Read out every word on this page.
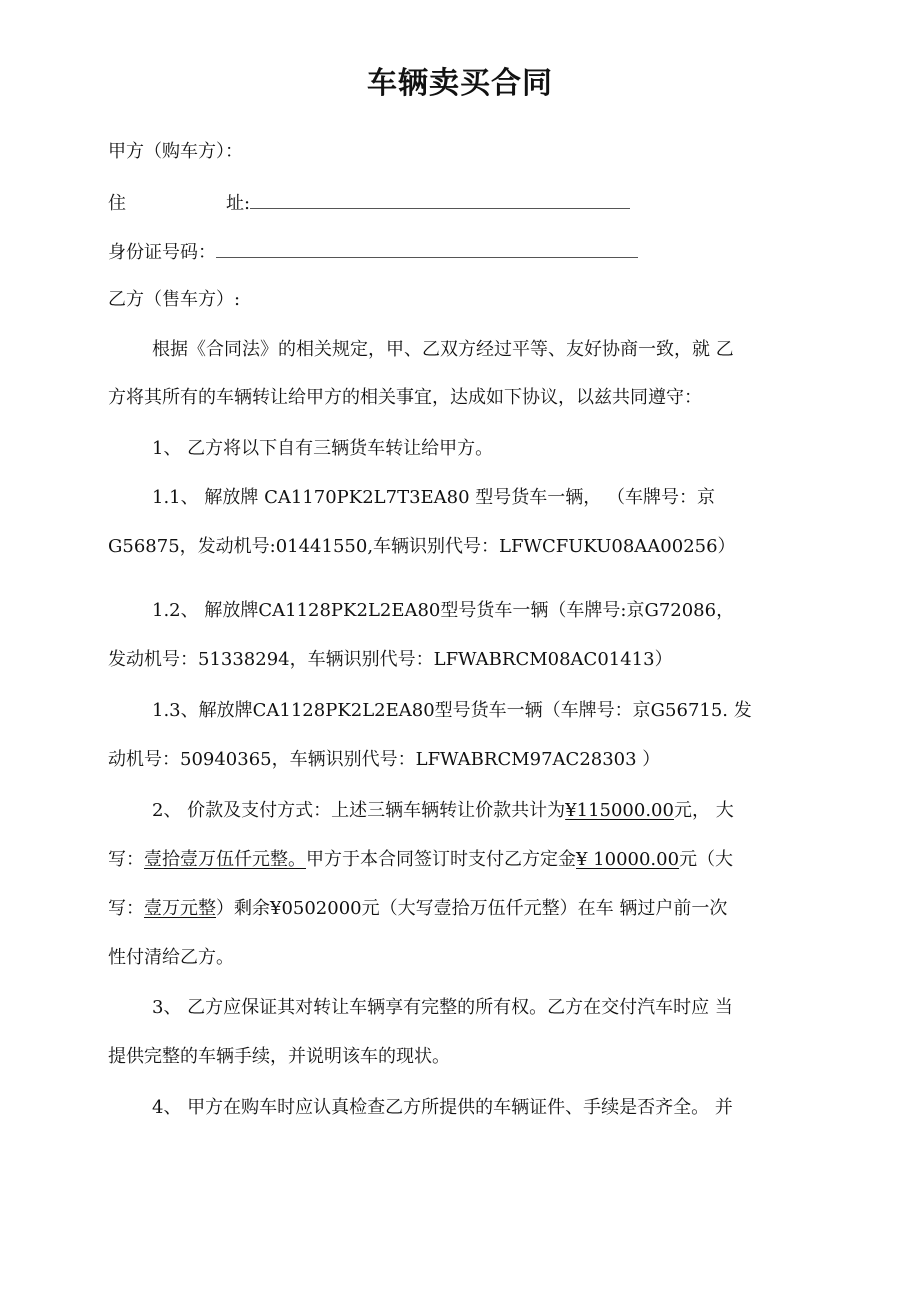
车辆卖买合同
甲方（购车方）：
住	址:
身份证号码：
乙方（售车方）:
根据《合同法》的相关规定，甲、乙双方经过平等、友好协商一致，就 乙
方将其所有的车辆转让给甲方的相关事宜，达成如下协议，以兹共同遵守：
1、 乙方将以下自有三辆货车转让给甲方。
1.1、 解放牌 CA1170PK2L7T3EA80 型号货车一辆， （车牌号：京
G56875，发动机号:01441550,车辆识别代号：LFWCFUKU08AA00256）
1.2、 解放牌CA1128PK2L2EA80型号货车一辆（车牌号:京G72086，
发动机号：51338294，车辆识别代号：LFWABRCM08AC01413）
1.3、解放牌CA1128PK2L2EA80型号货车一辆（车牌号：京G56715. 发
动机号：50940365，车辆识别代号：LFWABRCM97AC28303 ）
2、 价款及支付方式：上述三辆车辆转让价款共计为¥115000.00元， 大
写：壹拾壹万伍仟元整。甲方于本合同签订时支付乙方定金¥ 10000.00元（大
写：壹万元整）剩余¥0502000元（大写壹拾万伍仟元整）在车 辆过户前一次
性付清给乙方。
3、 乙方应保证其对转让车辆享有完整的所有权。乙方在交付汽车时应 当
提供完整的车辆手续，并说明该车的现状。
4、 甲方在购车时应认真检查乙方所提供的车辆证件、手续是否齐全。 并
